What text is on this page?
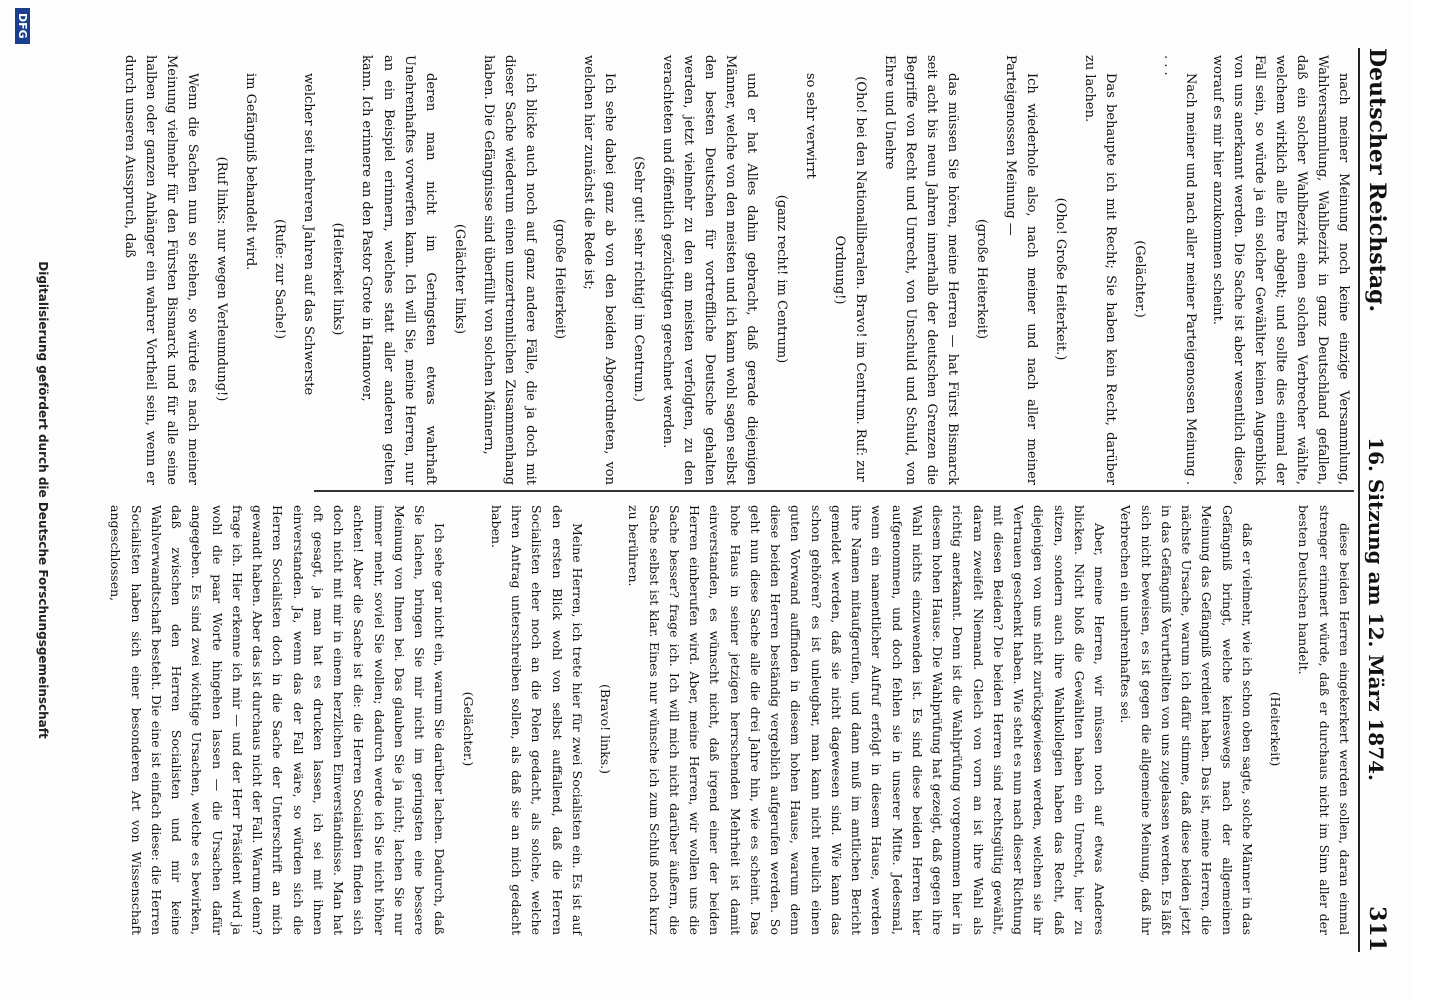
Deutscher Reichstag.
16. Sitzung am 12. März 1874.
311

nach meiner Meinung noch keine einzige Versammlung, Wahlversammlung, Wahlbezirk in ganz Deutschland gefallen, daß ein solcher Wahlbezirk einen solchen Verbrecher wählte, welchem wirklich alle Ehre abgeht; und sollte dies einmal der Fall sein, so würde ja ein solcher Gewählter keinen Augenblick von uns anerkannt werden. Die Sache ist aber wesentlich diese, worauf es mir hier anzukommen scheint.

Nach meiner und nach aller meiner Parteigenossen Meinung . . . .

(Gelächter.)

Das behaupte ich mit Recht; Sie haben kein Recht, darüber zu lachen.

(Oho! Große Heiterkeit.)

Ich wiederhole also, nach meiner und nach aller meiner Parteigenossen Meinung —

(große Heiterkeit)

das müssen Sie hören, meine Herren — hat Fürst Bismarck seit acht bis neun Jahren innerhalb der deutschen Grenzen die Begriffe von Recht und Unrecht, von Unschuld und Schuld, von Ehre und Unehre

(Oho! bei den Nationalliberalen. Bravo! im Centrum. Ruf: zur Ordnung!)

so sehr verwirrt

(ganz recht! im Centrum)

und er hat Alles dahin gebracht, daß gerade diejenigen Männer, welche von den meisten und ich kann wohl sagen selbst den besten Deutschen für vortreffliche Deutsche gehalten werden, jetzt vielmehr zu den am meisten verfolgten, zu den verachteten und öffentlich gezüchtigten gerechnet werden.

(Sehr gut! sehr richtig! im Centrum.)

Ich sehe dabei ganz ab von den beiden Abgeordneten, von welchen hier zunächst die Rede ist;

(große Heiterkeit)

ich blicke auch noch auf ganz andere Fälle, die ja doch mit dieser Sache wiederum einen unzertrennlichen Zusammenhang haben. Die Gefängnisse sind überfüllt von solchen Männern,

(Gelächter links)

deren man nicht im Geringsten etwas wahrhaft Unehrenhaftes vorwerfen kann. Ich will Sie, meine Herren, nur an ein Beispiel erinnern, welches statt aller anderen gelten kann. Ich erinnere an den Pastor Grote in Hannover,

(Heiterkeit links)

welcher seit mehreren Jahren auf das Schwerste

(Rufe: zur Sache!)

im Gefängniß behandelt wird.

(Ruf links: nur wegen Verleumdung!)

Wenn die Sachen nun so stehen, so würde es nach meiner Meinung vielmehr für den Fürsten Bismarck und für alle seine halben oder ganzen Anhänger ein wahrer Vortheil sein, wenn er durch unseren Ausspruch, daß

diese beiden Herren eingekerkert werden sollen, daran einmal strenger erinnert würde, daß er durchaus nicht im Sinn aller der besten Deutschen handelt.

(Heiterkeit)

daß er vielmehr, wie ich schon oben sagte, solche Männer in das Gefängniß bringt, welche keineswegs nach der allgemeinen Meinung das Gefängniß verdient haben. Das ist, meine Herren, die nächste Ursache, warum ich dafür stimme, daß diese beiden jetzt in das Gefängniß Verurtheilten von uns zugelassen werden. Es läßt sich nicht beweisen, es ist gegen die allgemeine Meinung, daß ihr Verbrechen ein unehrenhaftes sei.

Aber, meine Herren, wir müssen noch auf etwas Anderes blicken. Nicht bloß die Gewählten haben ein Unrecht, hier zu sitzen, sondern auch ihre Wahlkollegien haben das Recht, daß diejenigen von uns nicht zurückgewiesen werden, welchen sie ihr Vertrauen geschenkt haben. Wie steht es nun nach dieser Richtung mit diesen Beiden? Die beiden Herren sind rechtsgültig gewählt, daran zweifelt Niemand. Gleich von vorn an ist ihre Wahl als richtig anerkannt. Denn ist die Wahlprüfung vorgenommen hier in diesem hohen Hause. Die Wahlprüfung hat gezeigt, daß gegen ihre Wahl nichts einzuwenden ist. Es sind diese beiden Herren hier aufgenommen, und doch fehlen sie in unserer Mitte. Jedesmal, wenn ein namentlicher Aufruf erfolgt in diesem Hause, werden ihre Namen mitaufgerufen, und dann muß im amtlichen Bericht gemeldet werden, daß sie nicht dagewesen sind. Wie kann das schon gehören? es ist unleugbar, man kann nicht neulich einen guten Vorwand auffinden in diesem hohen Hause, warum denn diese beiden Herren beständig vergeblich aufgerufen werden. So geht nun diese Sache alle die drei Jahre hin, wie es scheint. Das hohe Haus in seiner jetzigen herrschenden Mehrheit ist damit einverstanden, es wünscht nicht, daß irgend einer der beiden Herren einberufen wird. Aber, meine Herren, wir wollen uns die Sache besser? frage ich. Ich will mich nicht darüber äußern, die Sache selbst ist klar. Eines nur wünsche ich zum Schluß noch kurz zu berühren.

(Bravo! links.)

Meine Herren, ich trete hier für zwei Socialisten ein. Es ist auf den ersten Blick wohl von selbst auffallend, daß die Herren Socialisten eher noch an die Polen gedacht, als solche, welche ihren Antrag unterschreiben sollen, als daß sie an mich gedacht haben.

(Gelächter.)

Ich sehe gar nicht ein, warum Sie darüber lachen. Dadurch, daß Sie lachen, bringen Sie mir nicht im geringsten eine bessere Meinung von Ihnen bei. Das glauben Sie ja nicht; lachen Sie nur immer mehr, soviel Sie wollen; dadurch werde ich Sie nicht höher achten! Aber die Sache ist die: die Herren Socialisten finden sich doch nicht mit mir in einem herzlichen Einverständnisse. Man hat oft gesagt, ja man hat es drucken lassen, ich sei mit ihnen einverstanden. Ja, wenn das der Fall wäre, so würden sich die Herren Socialisten doch in die Sache der Unterschrift an mich gewandt haben. Aber das ist durchaus nicht der Fall. Warum denn? frage ich. Hier erkenne ich mir — und der Herr Präsident wird ja wohl die paar Worte hingehen lassen — die Ursachen dafür angegeben. Es sind zwei wichtige Ursachen, welche es bewirken, daß zwischen den Herren Socialisten und mir keine Wahlverwandtschaft besteht. Die eine ist einfach diese: die Herren Socialisten haben sich einer besonderen Art von Wissenschaft angeschlossen,

Digitalisierung gefördert durch die Deutsche Forschungsgemeinschaft
DFG
